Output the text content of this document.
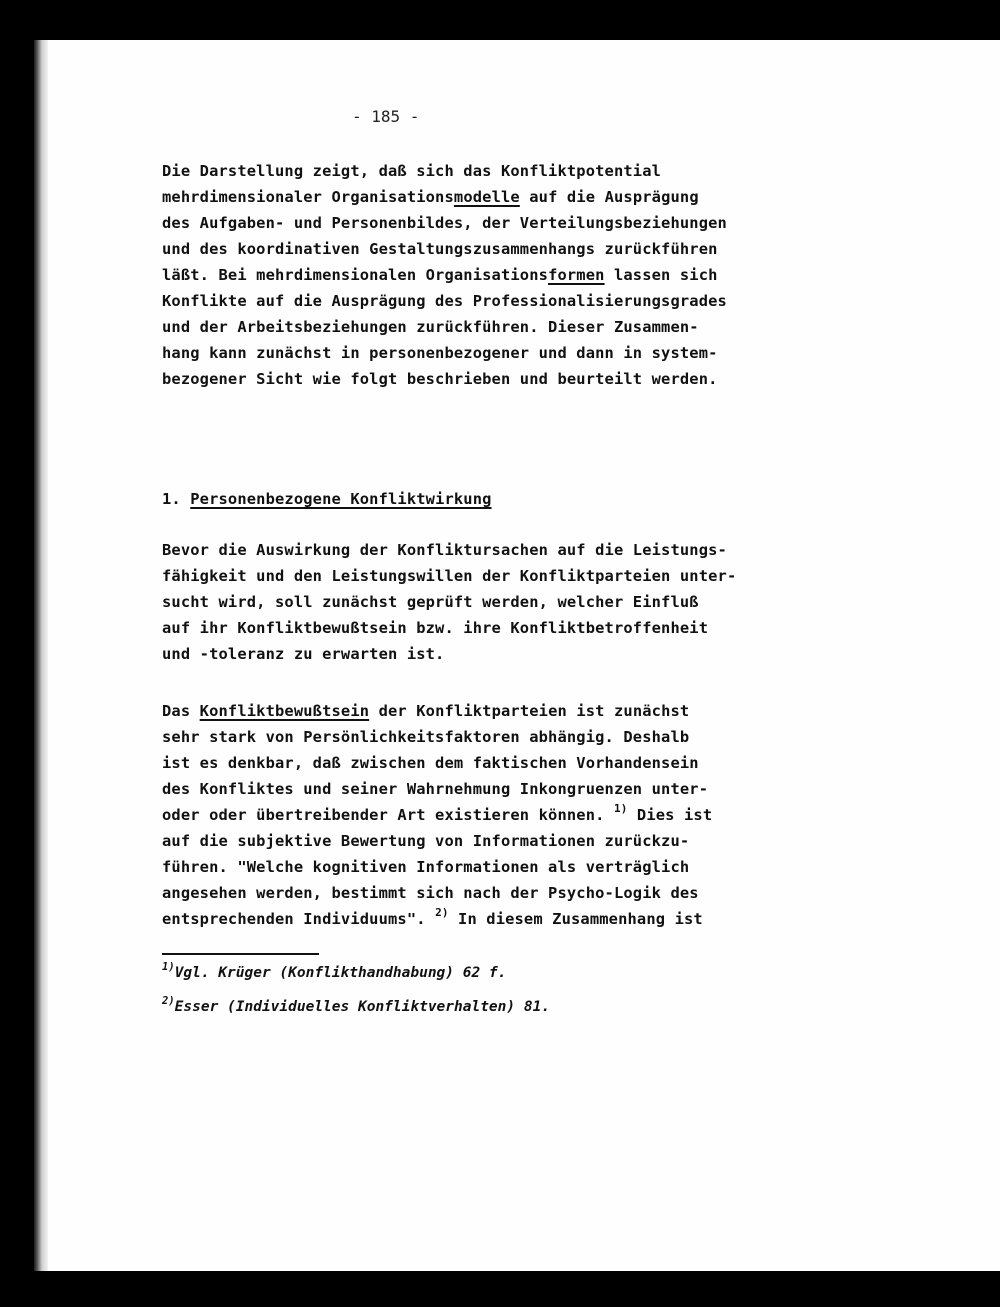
- 185 -
Die Darstellung zeigt, daß sich das Konfliktpotential
mehrdimensionaler Organisationsmodelle auf die Ausprägung
des Aufgaben- und Personenbildes, der Verteilungsbeziehungen
und des koordinativen Gestaltungszusammenhangs zurückführen
läßt. Bei mehrdimensionalen Organisationsformen lassen sich
Konflikte auf die Ausprägung des Professionalisierungsgrades
und der Arbeitsbeziehungen zurückführen. Dieser Zusammen-
hang kann zunächst in personenbezogener und dann in system-
bezogener Sicht wie folgt beschrieben und beurteilt werden.
1. Personenbezogene Konfliktwirkung
Bevor die Auswirkung der Konfliktursachen auf die Leistungs-
fähigkeit und den Leistungswillen der Konfliktparteien unter-
sucht wird, soll zunächst geprüft werden, welcher Einfluß
auf ihr Konfliktbewußtsein bzw. ihre Konfliktbetroffenheit
und -toleranz zu erwarten ist.
Das Konfliktbewußtsein der Konfliktparteien ist zunächst
sehr stark von Persönlichkeitsfaktoren abhängig. Deshalb
ist es denkbar, daß zwischen dem faktischen Vorhandensein
des Konfliktes und seiner Wahrnehmung Inkongruenzen unter-
oder oder übertreibender Art existieren können. $^{1)}$ Dies ist
auf die subjektive Bewertung von Informationen zurückzu-
führen. "Welche kognitiven Informationen als verträglich
angesehen werden, bestimmt sich nach der Psycho-Logik des
entsprechenden Individuums". $^{2)}$ In diesem Zusammenhang ist
$^{1)}$Vgl. Krüger (Konflikthandhabung) 62 f.
$^{2)}$Esser (Individuelles Konfliktverhalten) 81.
